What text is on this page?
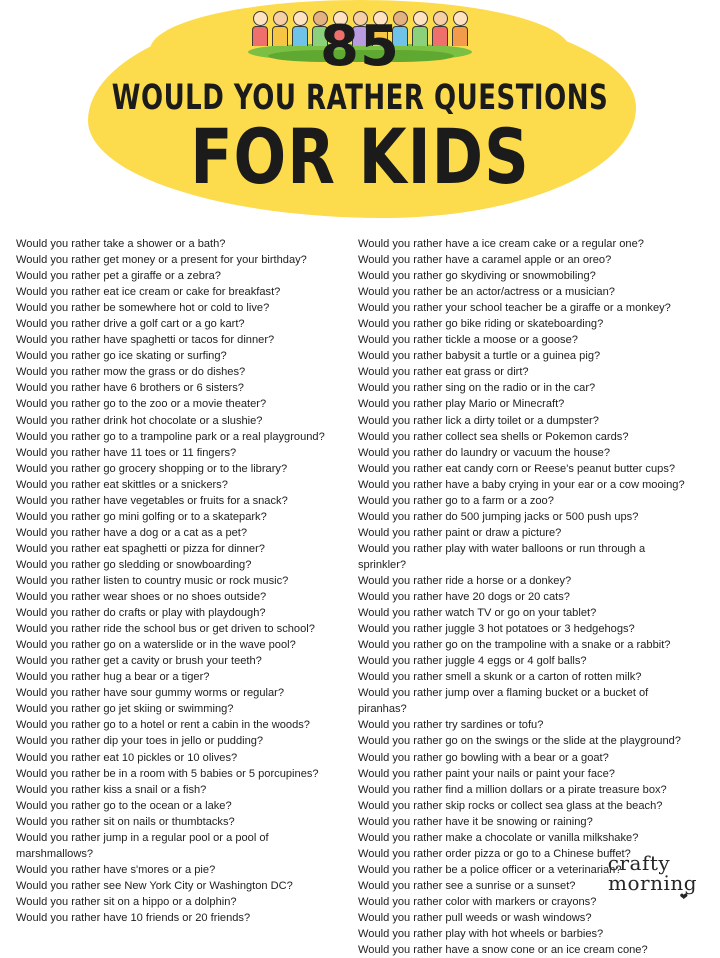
85
WOULD YOU RATHER QUESTIONS
FOR KIDS
Would you rather take a shower or a bath?
Would you rather get money or a present for your birthday?
Would you rather pet a giraffe or a zebra?
Would you rather eat ice cream or cake for breakfast?
Would you rather be somewhere hot or cold to live?
Would you rather drive a golf cart or a go kart?
Would you rather have spaghetti or tacos for dinner?
Would you rather go ice skating or surfing?
Would you rather mow the grass or do dishes?
Would you rather have 6 brothers or 6 sisters?
Would you rather go to the zoo or a movie theater?
Would you rather drink hot chocolate or a slushie?
Would you rather go to a trampoline park or a real playground?
Would you rather have 11 toes or 11 fingers?
Would you rather go grocery shopping or to the library?
Would you rather eat skittles or a snickers?
Would you rather have vegetables or fruits for a snack?
Would you rather go mini golfing or to a skatepark?
Would you rather have a dog or a cat as a pet?
Would you rather eat spaghetti or pizza for dinner?
Would you rather go sledding or snowboarding?
Would you rather listen to country music or rock music?
Would you rather wear shoes or no shoes outside?
Would you rather do crafts or play with playdough?
Would you rather ride the school bus or get driven to school?
Would you rather go on a waterslide or in the wave pool?
Would you rather get a cavity or brush your teeth?
Would you rather hug a bear or a tiger?
Would you rather have sour gummy worms or regular?
Would you rather go jet skiing or swimming?
Would you rather go to a hotel or rent a cabin in the woods?
Would you rather dip your toes in jello or pudding?
Would you rather eat 10 pickles or 10 olives?
Would you rather be in a room with 5 babies or 5 porcupines?
Would you rather kiss a snail or a fish?
Would you rather go to the ocean or a lake?
Would you rather sit on nails or thumbtacks?
Would you rather jump in a regular pool or a pool of marshmallows?
Would you rather have s'mores or a pie?
Would you rather see New York City or Washington DC?
Would you rather sit on a hippo or a dolphin?
Would you rather have 10 friends or 20 friends?
Would you rather have a ice cream cake or a regular one?
Would you rather have a caramel apple or an oreo?
Would you rather go skydiving or snowmobiling?
Would you rather be an actor/actress or a musician?
Would you rather your school teacher be a giraffe or a monkey?
Would you rather go bike riding or skateboarding?
Would you rather tickle a moose or a goose?
Would you rather babysit a turtle or a guinea pig?
Would you rather eat grass or dirt?
Would you rather sing on the radio or in the car?
Would you rather play Mario or Minecraft?
Would you rather lick a dirty toilet or a dumpster?
Would you rather collect sea shells or Pokemon cards?
Would you rather do laundry or vacuum the house?
Would you rather eat candy corn or Reese's peanut butter cups?
Would you rather have a baby crying in your ear or a cow mooing?
Would you rather go to a farm or a zoo?
Would you rather do 500 jumping jacks or 500 push ups?
Would you rather paint or draw a picture?
Would you rather play with water balloons or run through a sprinkler?
Would you rather ride a horse or a donkey?
Would you rather have 20 dogs or 20 cats?
Would you rather watch TV or go on your tablet?
Would you rather juggle 3 hot potatoes or 3 hedgehogs?
Would you rather go on the trampoline with a snake or a rabbit?
Would you rather juggle 4 eggs or 4 golf balls?
Would you rather smell a skunk or a carton of rotten milk?
Would you rather jump over a flaming bucket or a bucket of piranhas?
Would you rather try sardines or tofu?
Would you rather go on the swings or the slide at the playground?
Would you rather go bowling with a bear or a goat?
Would you rather paint your nails or paint your face?
Would you rather find a million dollars or a pirate treasure box?
Would you rather skip rocks or collect sea glass at the beach?
Would you rather have it be snowing or raining?
Would you rather make a chocolate or vanilla milkshake?
Would you rather order pizza or go to a Chinese buffet?
Would you rather be a police officer or a veterinarian?
Would you rather see a sunrise or a sunset?
Would you rather color with markers or crayons?
Would you rather pull weeds or wash windows?
Would you rather play with hot wheels or barbies?
Would you rather have a snow cone or an ice cream cone?
crafty
morning
❤
